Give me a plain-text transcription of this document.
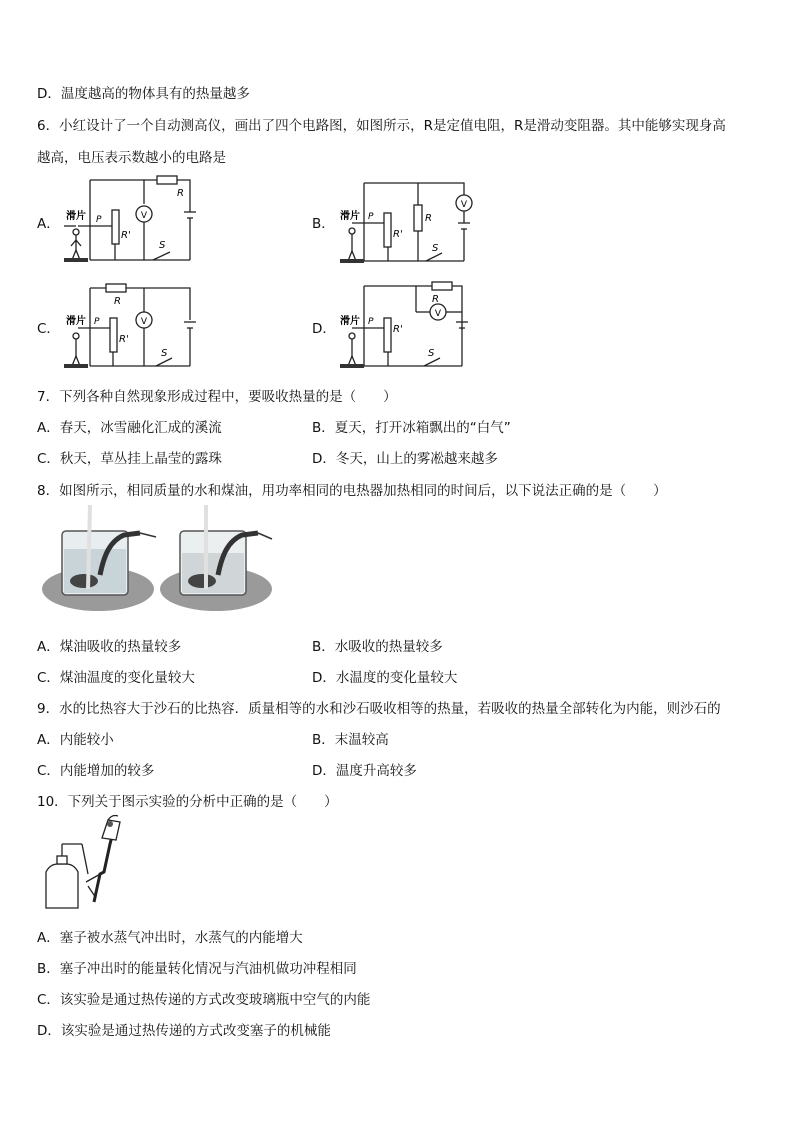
D．温度越高的物体具有的热量越多
6．小红设计了一个自动测高仪，画出了四个电路图，如图所示，R是定值电阻，R是滑动变阻器。其中能够实现身高
越高，电压表示数越小的电路是
A．	B．
C．	D．
V
R
R'
S
P
滑片
V
R
R'
S
P
滑片
V
R
R'
S
P
滑片
V
R
R'
S
P
滑片
7．下列各种自然现象形成过程中，要吸收热量的是（　　）
A．春天，冰雪融化汇成的溪流	B．夏天，打开冰箱飘出的“白气”
C．秋天，草丛挂上晶莹的露珠	D．冬天，山上的雾凇越来越多
8．如图所示，相同质量的水和煤油，用功率相同的电热器加热相同的时间后，以下说法正确的是（　　）
A．煤油吸收的热量较多	B．水吸收的热量较多
C．煤油温度的变化量较大	D．水温度的变化量较大
9．水的比热容大于沙石的比热容．质量相等的水和沙石吸收相等的热量，若吸收的热量全部转化为内能，则沙石的
A．内能较小	B．末温较高
C．内能增加的较多	D．温度升高较多
10．下列关于图示实验的分析中正确的是（　　）
A．塞子被水蒸气冲出时，水蒸气的内能增大
B．塞子冲出时的能量转化情况与汽油机做功冲程相同
C．该实验是通过热传递的方式改变玻璃瓶中空气的内能
D．该实验是通过热传递的方式改变塞子的机械能
